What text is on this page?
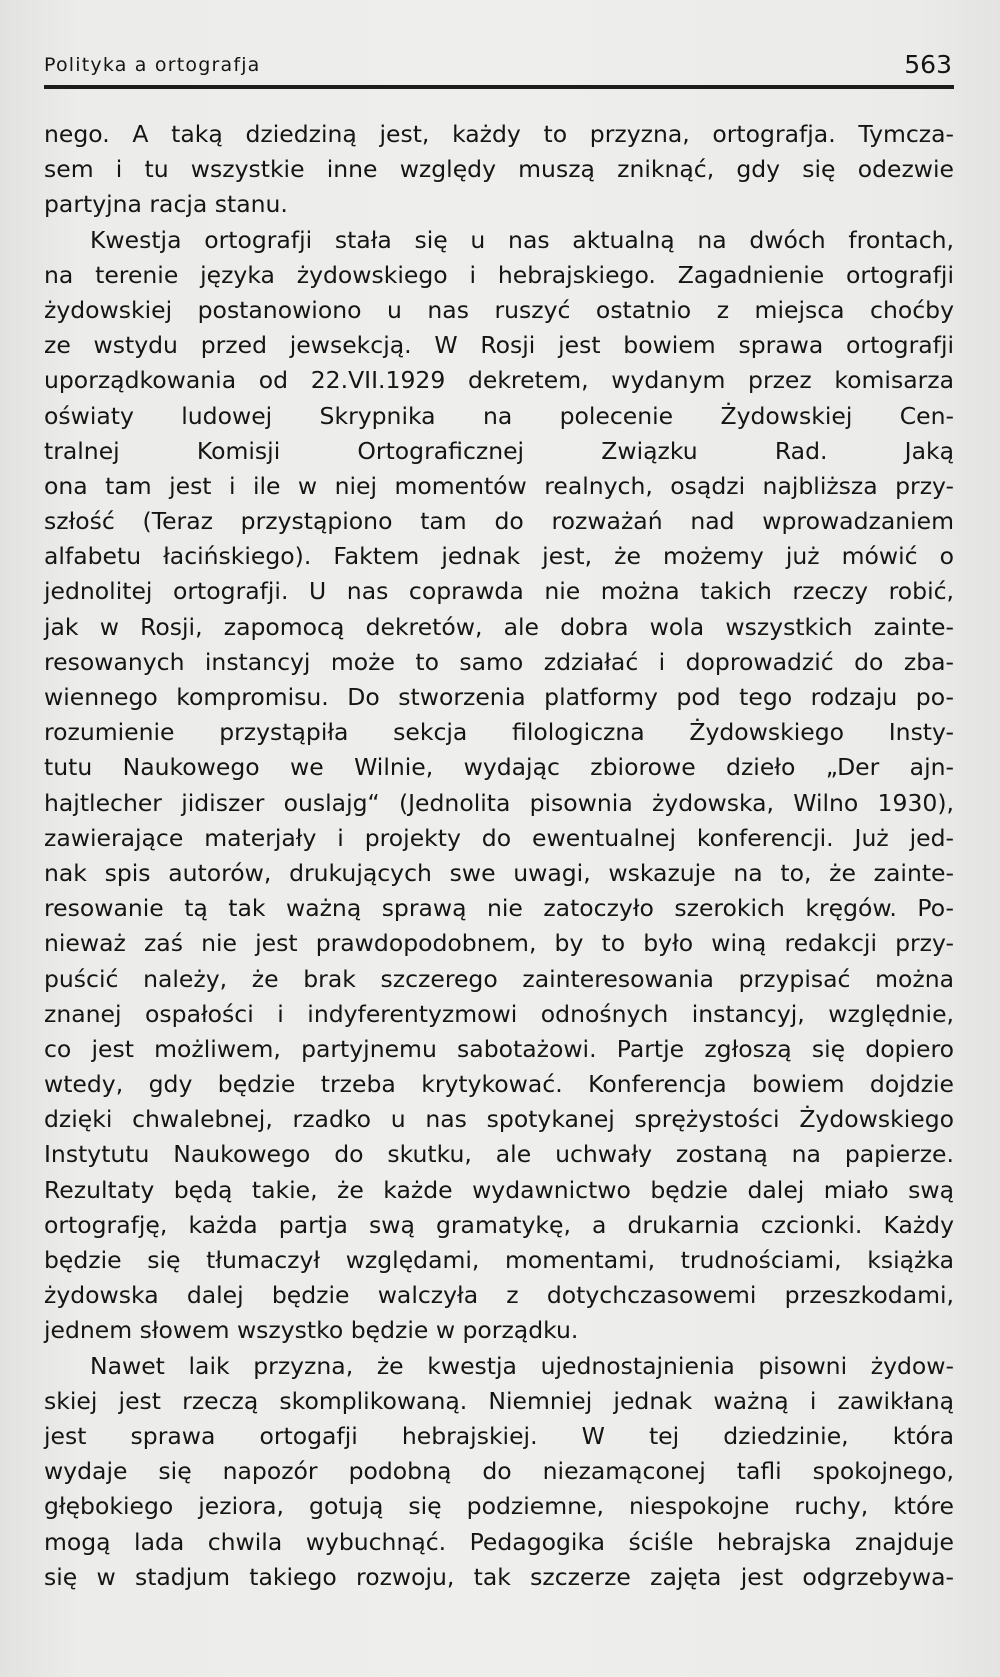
Polityka a ortografja	563
nego. A taką dziedziną jest, każdy to przyzna, ortografja. Tymcza-
sem i tu wszystkie inne względy muszą zniknąć, gdy się odezwie
partyjna racja stanu.
Kwestja ortografji stała się u nas aktualną na dwóch frontach,
na terenie języka żydowskiego i hebrajskiego. Zagadnienie ortografji
żydowskiej postanowiono u nas ruszyć ostatnio z miejsca choćby
ze wstydu przed jewsekcją. W Rosji jest bowiem sprawa ortografji
uporządkowania od 22.VII.1929 dekretem, wydanym przez komisarza
oświaty ludowej Skrypnika na polecenie Żydowskiej Cen-
tralnej Komisji Ortograficznej Związku Rad. Jaką
ona tam jest i ile w niej momentów realnych, osądzi najbliższa przy-
szłość (Teraz przystąpiono tam do rozważań nad wprowadzaniem
alfabetu łacińskiego). Faktem jednak jest, że możemy już mówić o
jednolitej ortografji. U nas coprawda nie można takich rzeczy robić,
jak w Rosji, zapomocą dekretów, ale dobra wola wszystkich zainte-
resowanych instancyj może to samo zdziałać i doprowadzić do zba-
wiennego kompromisu. Do stworzenia platformy pod tego rodzaju po-
rozumienie przystąpiła sekcja filologiczna Żydowskiego Insty-
tutu Naukowego we Wilnie, wydając zbiorowe dzieło „Der ajn-
hajtlecher jidiszer ouslajg“ (Jednolita pisownia żydowska, Wilno 1930),
zawierające materjały i projekty do ewentualnej konferencji. Już jed-
nak spis autorów, drukujących swe uwagi, wskazuje na to, że zainte-
resowanie tą tak ważną sprawą nie zatoczyło szerokich kręgów. Po-
nieważ zaś nie jest prawdopodobnem, by to było winą redakcji przy-
puścić należy, że brak szczerego zainteresowania przypisać można
znanej ospałości i indyferentyzmowi odnośnych instancyj, względnie,
co jest możliwem, partyjnemu sabotażowi. Partje zgłoszą się dopiero
wtedy, gdy będzie trzeba krytykować. Konferencja bowiem dojdzie
dzięki chwalebnej, rzadko u nas spotykanej sprężystości Żydowskiego
Instytutu Naukowego do skutku, ale uchwały zostaną na papierze.
Rezultaty będą takie, że każde wydawnictwo będzie dalej miało swą
ortografję, każda partja swą gramatykę, a drukarnia czcionki. Każdy
będzie się tłumaczył względami, momentami, trudnościami, książka
żydowska dalej będzie walczyła z dotychczasowemi przeszkodami,
jednem słowem wszystko będzie w porządku.
Nawet laik przyzna, że kwestja ujednostajnienia pisowni żydow-
skiej jest rzeczą skomplikowaną. Niemniej jednak ważną i zawikłaną
jest sprawa ortogafji hebrajskiej. W tej dziedzinie, która
wydaje się napozór podobną do niezamąconej tafli spokojnego,
głębokiego jeziora, gotują się podziemne, niespokojne ruchy, które
mogą lada chwila wybuchnąć. Pedagogika ściśle hebrajska znajduje
się w stadjum takiego rozwoju, tak szczerze zajęta jest odgrzebywa-
